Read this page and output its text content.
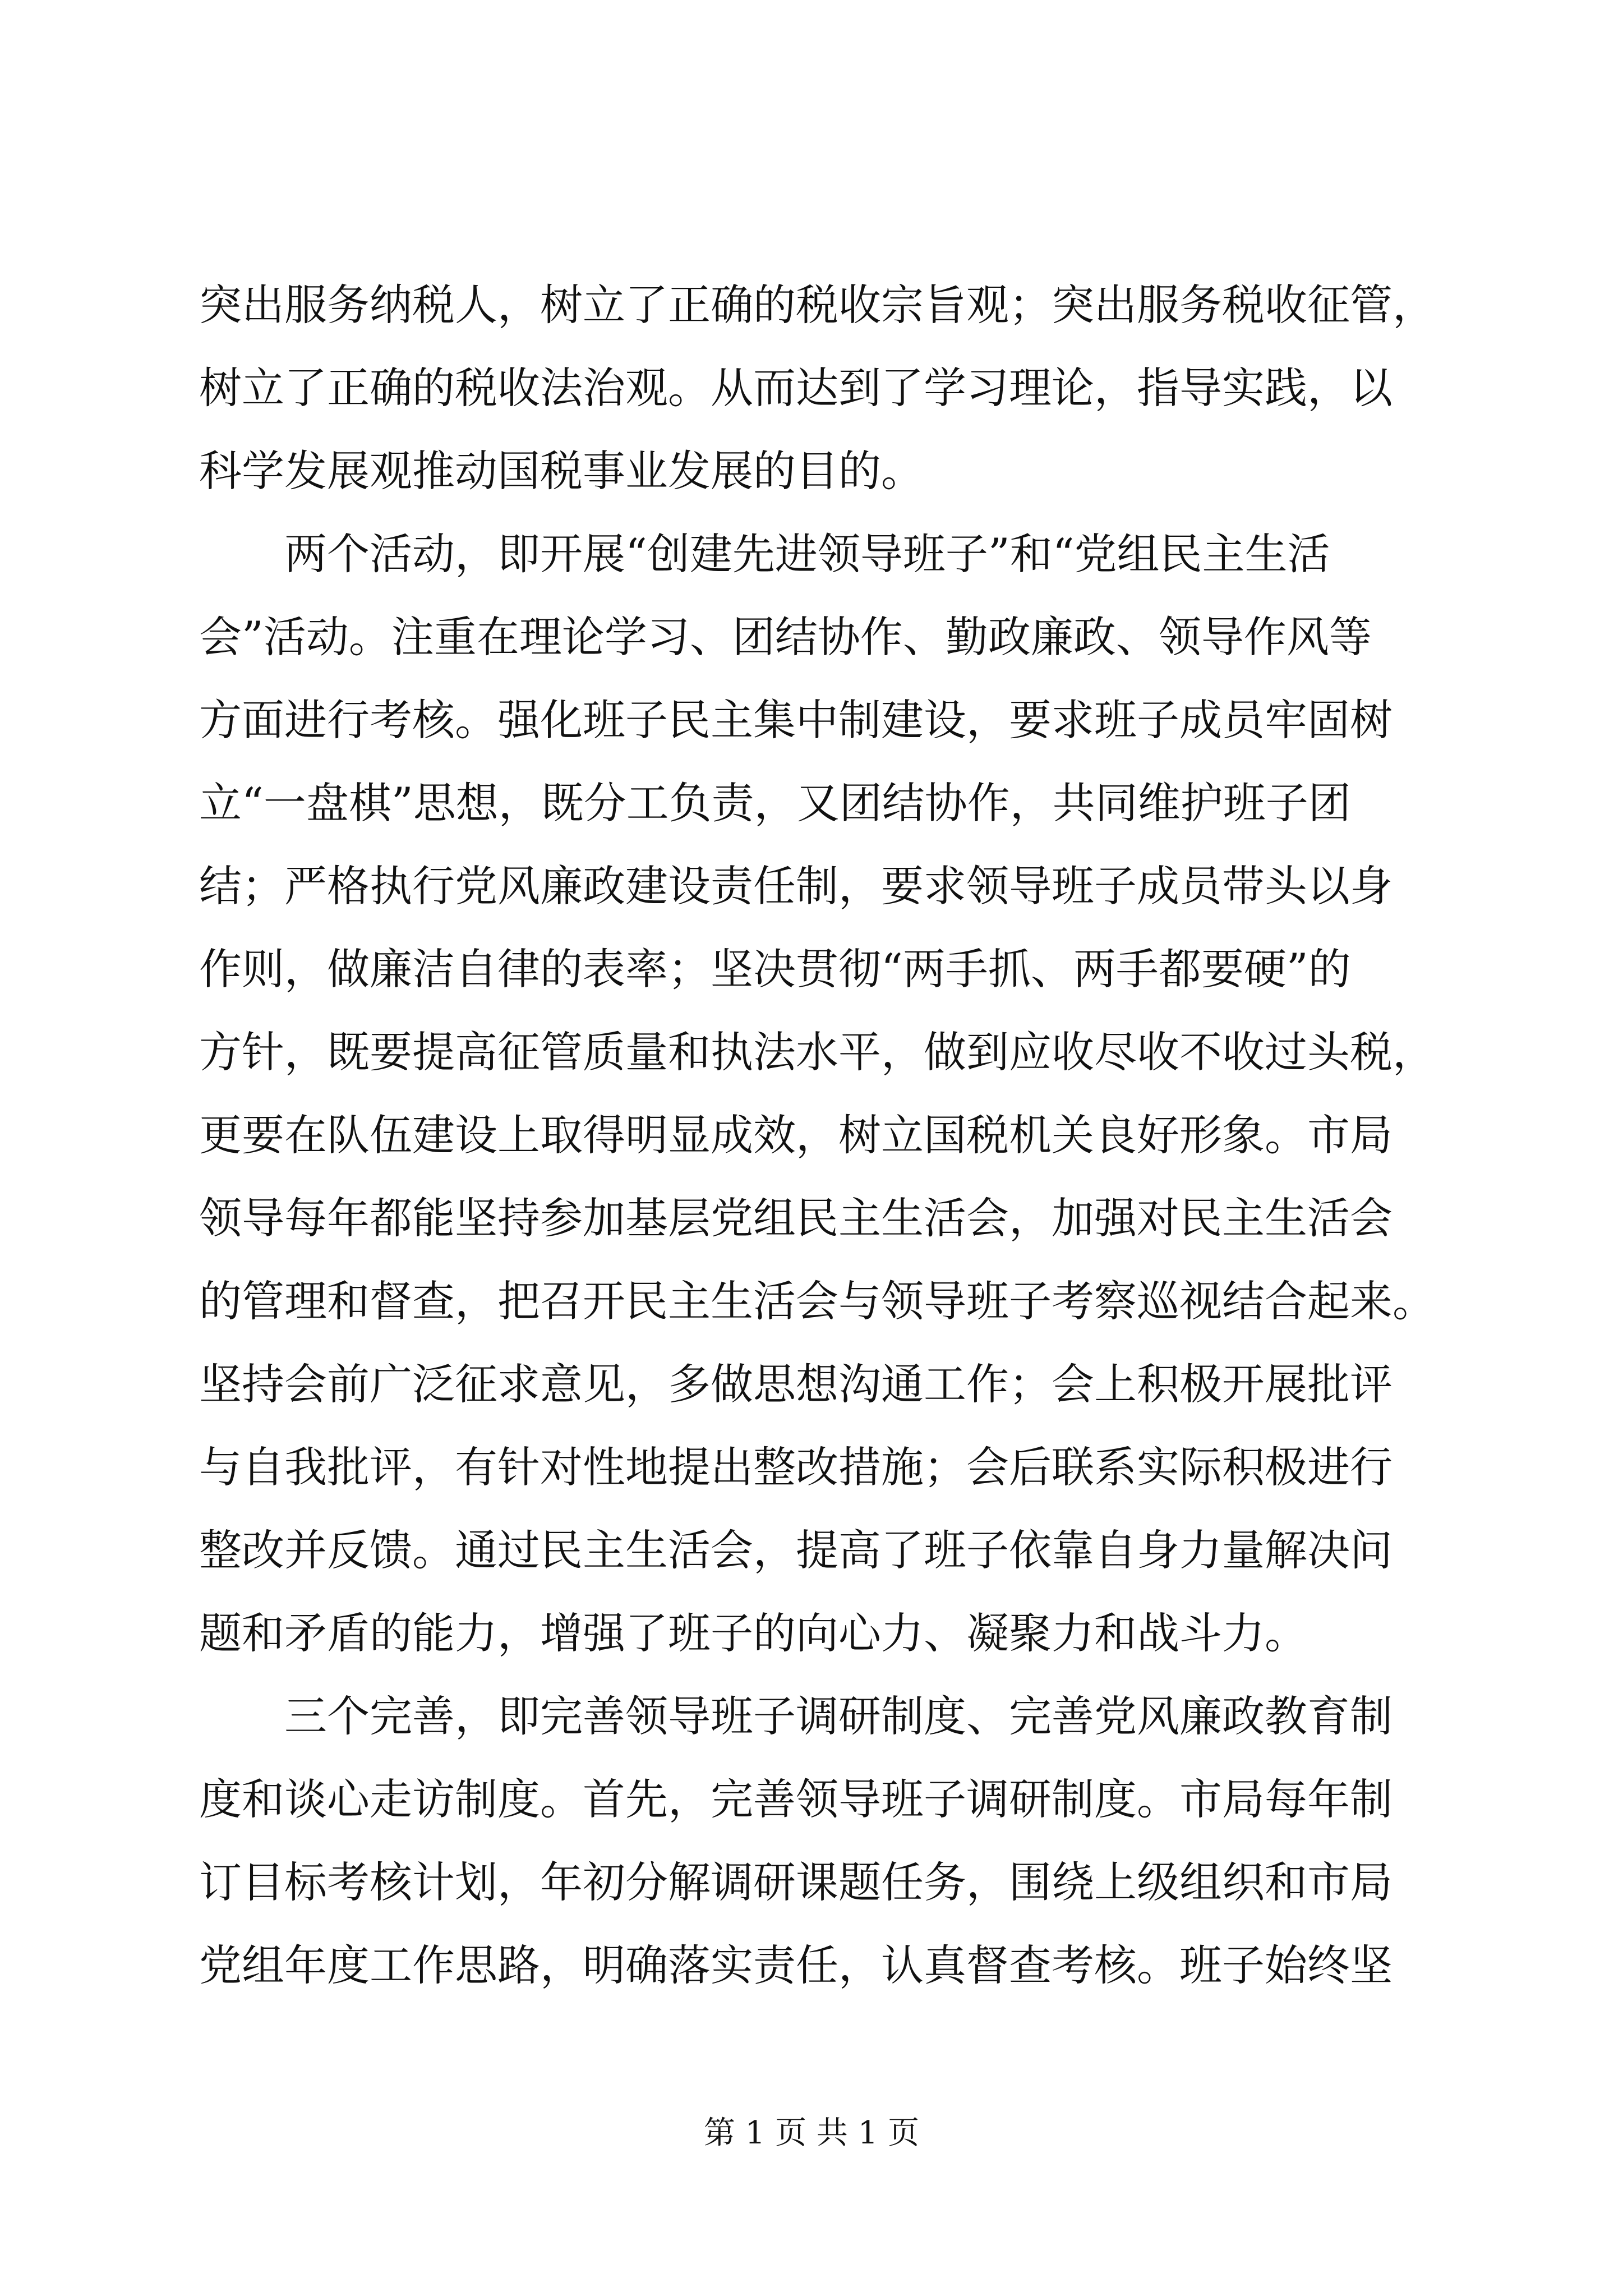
突出服务纳税人，树立了正确的税收宗旨观；突出服务税收征管，
树立了正确的税收法治观。从而达到了学习理论，指导实践，以
科学发展观推动国税事业发展的目的。

两个活动，即开展“创建先进领导班子”和“党组民主生活
会”活动。注重在理论学习、团结协作、勤政廉政、领导作风等
方面进行考核。强化班子民主集中制建设，要求班子成员牢固树
立“一盘棋”思想，既分工负责，又团结协作，共同维护班子团
结；严格执行党风廉政建设责任制，要求领导班子成员带头以身
作则，做廉洁自律的表率；坚决贯彻“两手抓、两手都要硬”的
方针，既要提高征管质量和执法水平，做到应收尽收不收过头税，
更要在队伍建设上取得明显成效，树立国税机关良好形象。市局
领导每年都能坚持参加基层党组民主生活会，加强对民主生活会
的管理和督查，把召开民主生活会与领导班子考察巡视结合起来。
坚持会前广泛征求意见，多做思想沟通工作；会上积极开展批评
与自我批评，有针对性地提出整改措施；会后联系实际积极进行
整改并反馈。通过民主生活会，提高了班子依靠自身力量解决问
题和矛盾的能力，增强了班子的向心力、凝聚力和战斗力。

三个完善，即完善领导班子调研制度、完善党风廉政教育制
度和谈心走访制度。首先，完善领导班子调研制度。市局每年制
订目标考核计划，年初分解调研课题任务，围绕上级组织和市局
党组年度工作思路，明确落实责任，认真督查考核。班子始终坚

第 1 页 共 1 页
